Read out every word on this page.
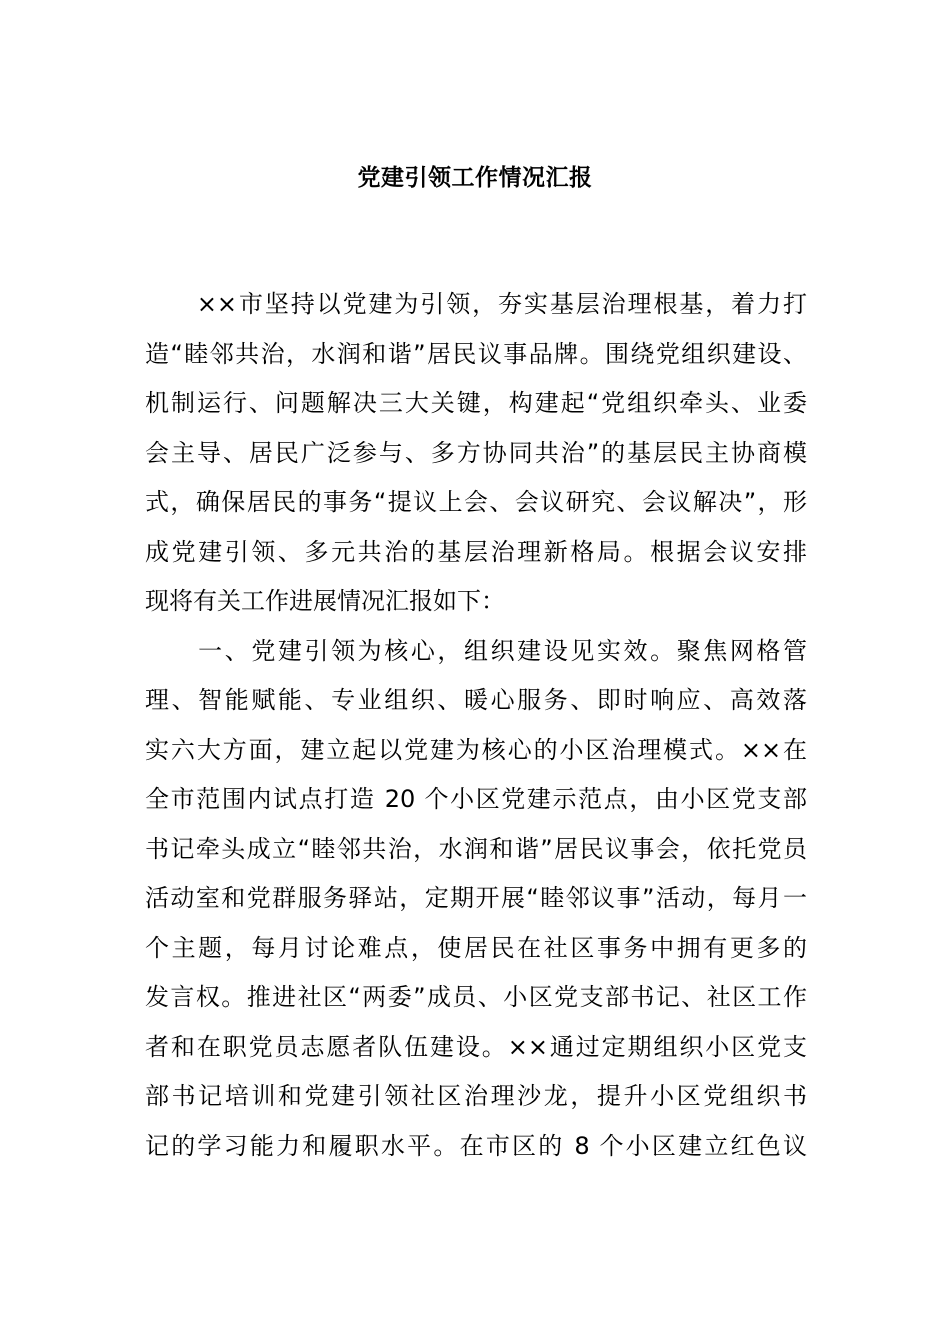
党建引领工作情况汇报
　　××市坚持以党建为引领，夯实基层治理根基，着力打
造“睦邻共治，水润和谐”居民议事品牌。围绕党组织建设、
机制运行、问题解决三大关键，构建起“党组织牵头、业委
会主导、居民广泛参与、多方协同共治”的基层民主协商模
式，确保居民的事务“提议上会、会议研究、会议解决”，形
成党建引领、多元共治的基层治理新格局。根据会议安排
现将有关工作进展情况汇报如下：
　　一、党建引领为核心，组织建设见实效。聚焦网格管
理、智能赋能、专业组织、暖心服务、即时响应、高效落
实六大方面，建立起以党建为核心的小区治理模式。××在
全市范围内试点打造 20 个小区党建示范点，由小区党支部
书记牵头成立“睦邻共治，水润和谐”居民议事会，依托党员
活动室和党群服务驿站，定期开展“睦邻议事”活动，每月一
个主题，每月讨论难点，使居民在社区事务中拥有更多的
发言权。推进社区“两委”成员、小区党支部书记、社区工作
者和在职党员志愿者队伍建设。××通过定期组织小区党支
部书记培训和党建引领社区治理沙龙，提升小区党组织书
记的学习能力和履职水平。在市区的 8 个小区建立红色议
